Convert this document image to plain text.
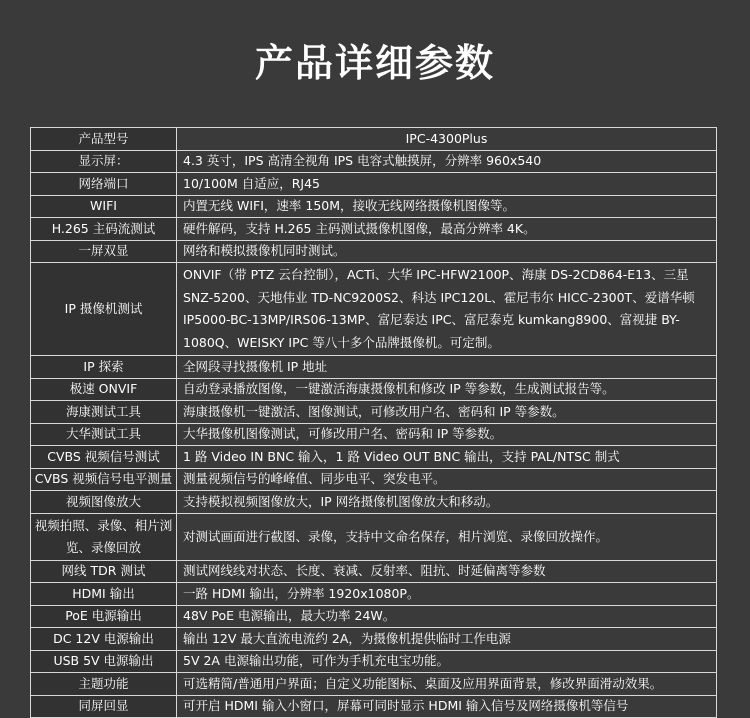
产品详细参数
产品型号	IPC-4300Plus
显示屏：	4.3 英寸，IPS 高清全视角 IPS 电容式触摸屏，分辨率 960x540
网络端口	10/100M 自适应，RJ45
WIFI	内置无线 WIFI，速率 150M，接收无线网络摄像机图像等。
H.265 主码流测试	硬件解码，支持 H.265 主码测试摄像机图像，最高分辨率 4K。
一屏双显	网络和模拟摄像机同时测试。
IP 摄像机测试	ONVIF（带 PTZ 云台控制），ACTi、大华 IPC-HFW2100P、海康 DS-2CD864-E13、三星 SNZ-5200、天地伟业 TD-NC9200S2、科达 IPC120L、霍尼韦尔 HICC-2300T、爱谱华顿 IP5000-BC-13MP/IRS06-13MP、富尼泰达 IPC、富尼泰克 kumkang8900、富视捷 BY-1080Q、WEISKY IPC 等八十多个品牌摄像机。可定制。
IP 探索	全网段寻找摄像机 IP 地址
极速 ONVIF	自动登录播放图像，一键激活海康摄像机和修改 IP 等参数，生成测试报告等。
海康测试工具	海康摄像机一键激活、图像测试，可修改用户名、密码和 IP 等参数。
大华测试工具	大华摄像机图像测试，可修改用户名、密码和 IP 等参数。
CVBS 视频信号测试	1 路 Video IN BNC 输入，1 路 Video OUT BNC 输出，支持 PAL/NTSC 制式
CVBS 视频信号电平测量	测量视频信号的峰峰值、同步电平、突发电平。
视频图像放大	支持模拟视频图像放大，IP 网络摄像机图像放大和移动。
视频拍照、录像、相片浏览、录像回放	对测试画面进行截图、录像，支持中文命名保存，相片浏览、录像回放操作。
网线 TDR 测试	测试网线线对状态、长度、衰减、反射率、阻抗、时延偏离等参数
HDMI 输出	一路 HDMI 输出，分辨率 1920x1080P。
PoE 电源输出	48V PoE 电源输出，最大功率 24W。
DC 12V 电源输出	输出 12V 最大直流电流约 2A，为摄像机提供临时工作电源
USB 5V 电源输出	5V 2A 电源输出功能，可作为手机充电宝功能。
主题功能	可选精简/普通用户界面；自定义功能图标、桌面及应用界面背景，修改界面滑动效果。
同屏回显	可开启 HDMI 输入小窗口，屏幕可同时显示 HDMI 输入信号及网络摄像机等信号
